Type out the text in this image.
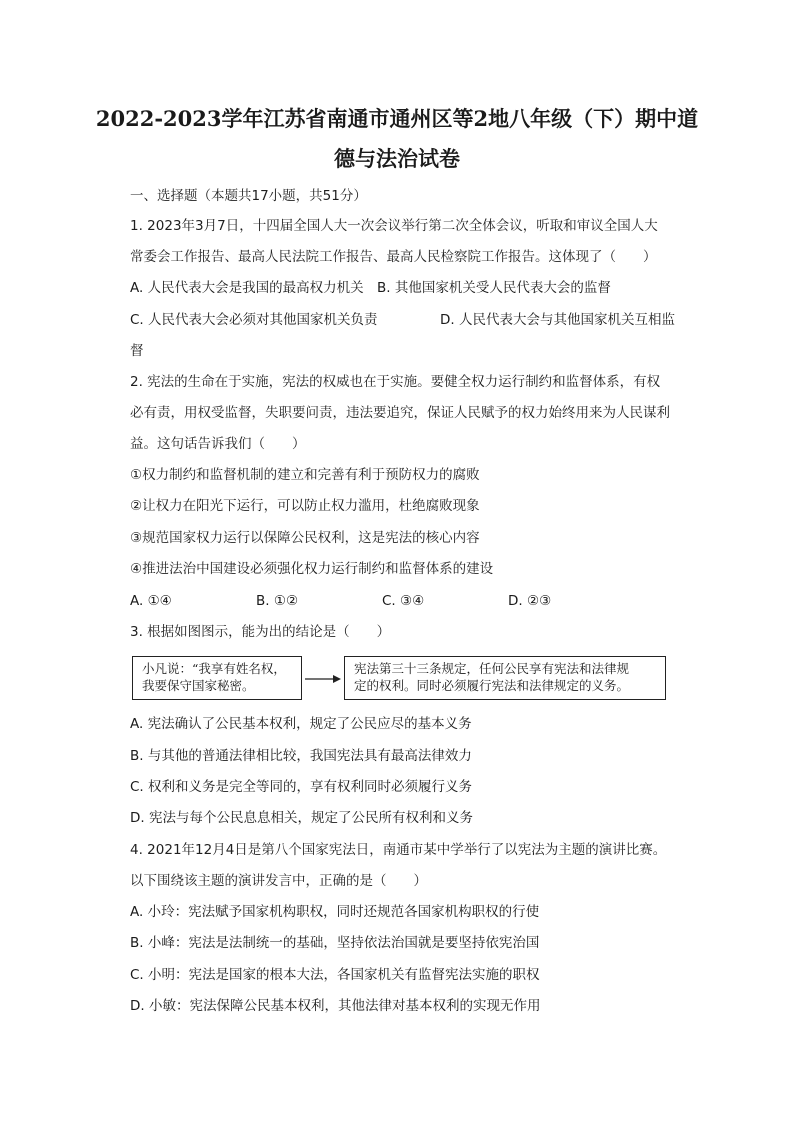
2022-2023学年江苏省南通市通州区等2地八年级（下）期中道
德与法治试卷
一、选择题（本题共17小题，共51分）
1. 2023年3月7日，十四届全国人大一次会议举行第二次全体会议，听取和审议全国人大
常委会工作报告、最高人民法院工作报告、最高人民检察院工作报告。这体现了（　　）
A. 人民代表大会是我国的最高权力机关 B. 其他国家机关受人民代表大会的监督
C. 人民代表大会必须对其他国家机关负责	D. 人民代表大会与其他国家机关互相监
督
2. 宪法的生命在于实施，宪法的权威也在于实施。要健全权力运行制约和监督体系，有权
必有责，用权受监督，失职要问责，违法要追究，保证人民赋予的权力始终用来为人民谋利
益。这句话告诉我们（　　）
①权力制约和监督机制的建立和完善有利于预防权力的腐败
②让权力在阳光下运行，可以防止权力滥用，杜绝腐败现象
③规范国家权力运行以保障公民权利，这是宪法的核心内容
④推进法治中国建设必须强化权力运行制约和监督体系的建设
A. ①④	B. ①②	C. ③④	D. ②③
3. 根据如图图示，能为出的结论是（　　）
小凡说：“我享有姓名权，
我要保守国家秘密。
宪法第三十三条规定，任何公民享有宪法和法律规
定的权利。同时必须履行宪法和法律规定的义务。
A. 宪法确认了公民基本权利，规定了公民应尽的基本义务
B. 与其他的普通法律相比较，我国宪法具有最高法律效力
C. 权利和义务是完全等同的，享有权利同时必须履行义务
D. 宪法与每个公民息息相关，规定了公民所有权利和义务
4. 2021年12月4日是第八个国家宪法日，南通市某中学举行了以宪法为主题的演讲比赛。
以下围绕该主题的演讲发言中，正确的是（　　）
A. 小玲：宪法赋予国家机构职权，同时还规范各国家机构职权的行使
B. 小峰：宪法是法制统一的基础，坚持依法治国就是要坚持依宪治国
C. 小明：宪法是国家的根本大法，各国家机关有监督宪法实施的职权
D. 小敏：宪法保障公民基本权利，其他法律对基本权利的实现无作用
